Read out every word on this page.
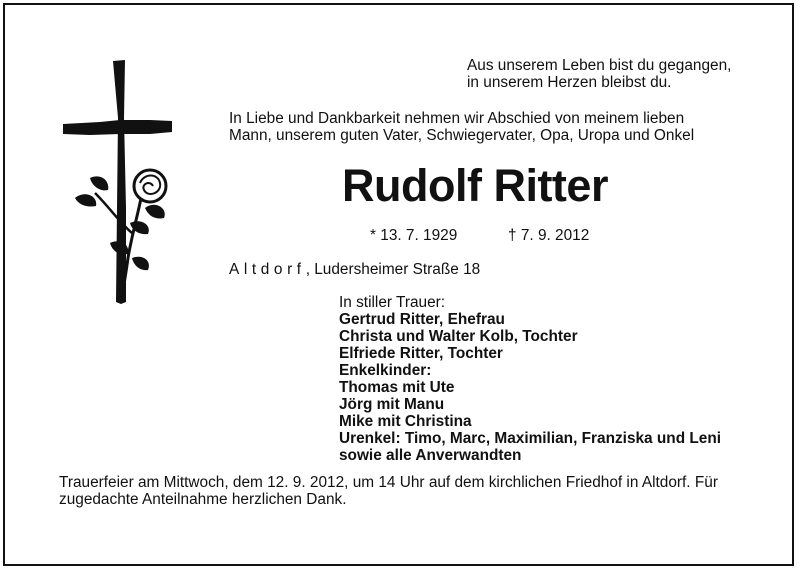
Aus unserem Leben bist du gegangen,
in unserem Herzen bleibst du.
In Liebe und Dankbarkeit nehmen wir Abschied von meinem lieben
Mann, unserem guten Vater, Schwiegervater, Opa, Uropa und Onkel
Rudolf Ritter
* 13. 7. 1929	† 7. 9. 2012
Altdorf, Ludersheimer Straße 18
In stiller Trauer:
Gertrud Ritter, Ehefrau
Christa und Walter Kolb, Tochter
Elfriede Ritter, Tochter
Enkelkinder:
Thomas mit Ute
Jörg mit Manu
Mike mit Christina
Urenkel: Timo, Marc, Maximilian, Franziska und Leni
sowie alle Anverwandten
Trauerfeier am Mittwoch, dem 12. 9. 2012, um 14 Uhr auf dem kirchlichen Friedhof in Altdorf. Für
zugedachte Anteilnahme herzlichen Dank.
